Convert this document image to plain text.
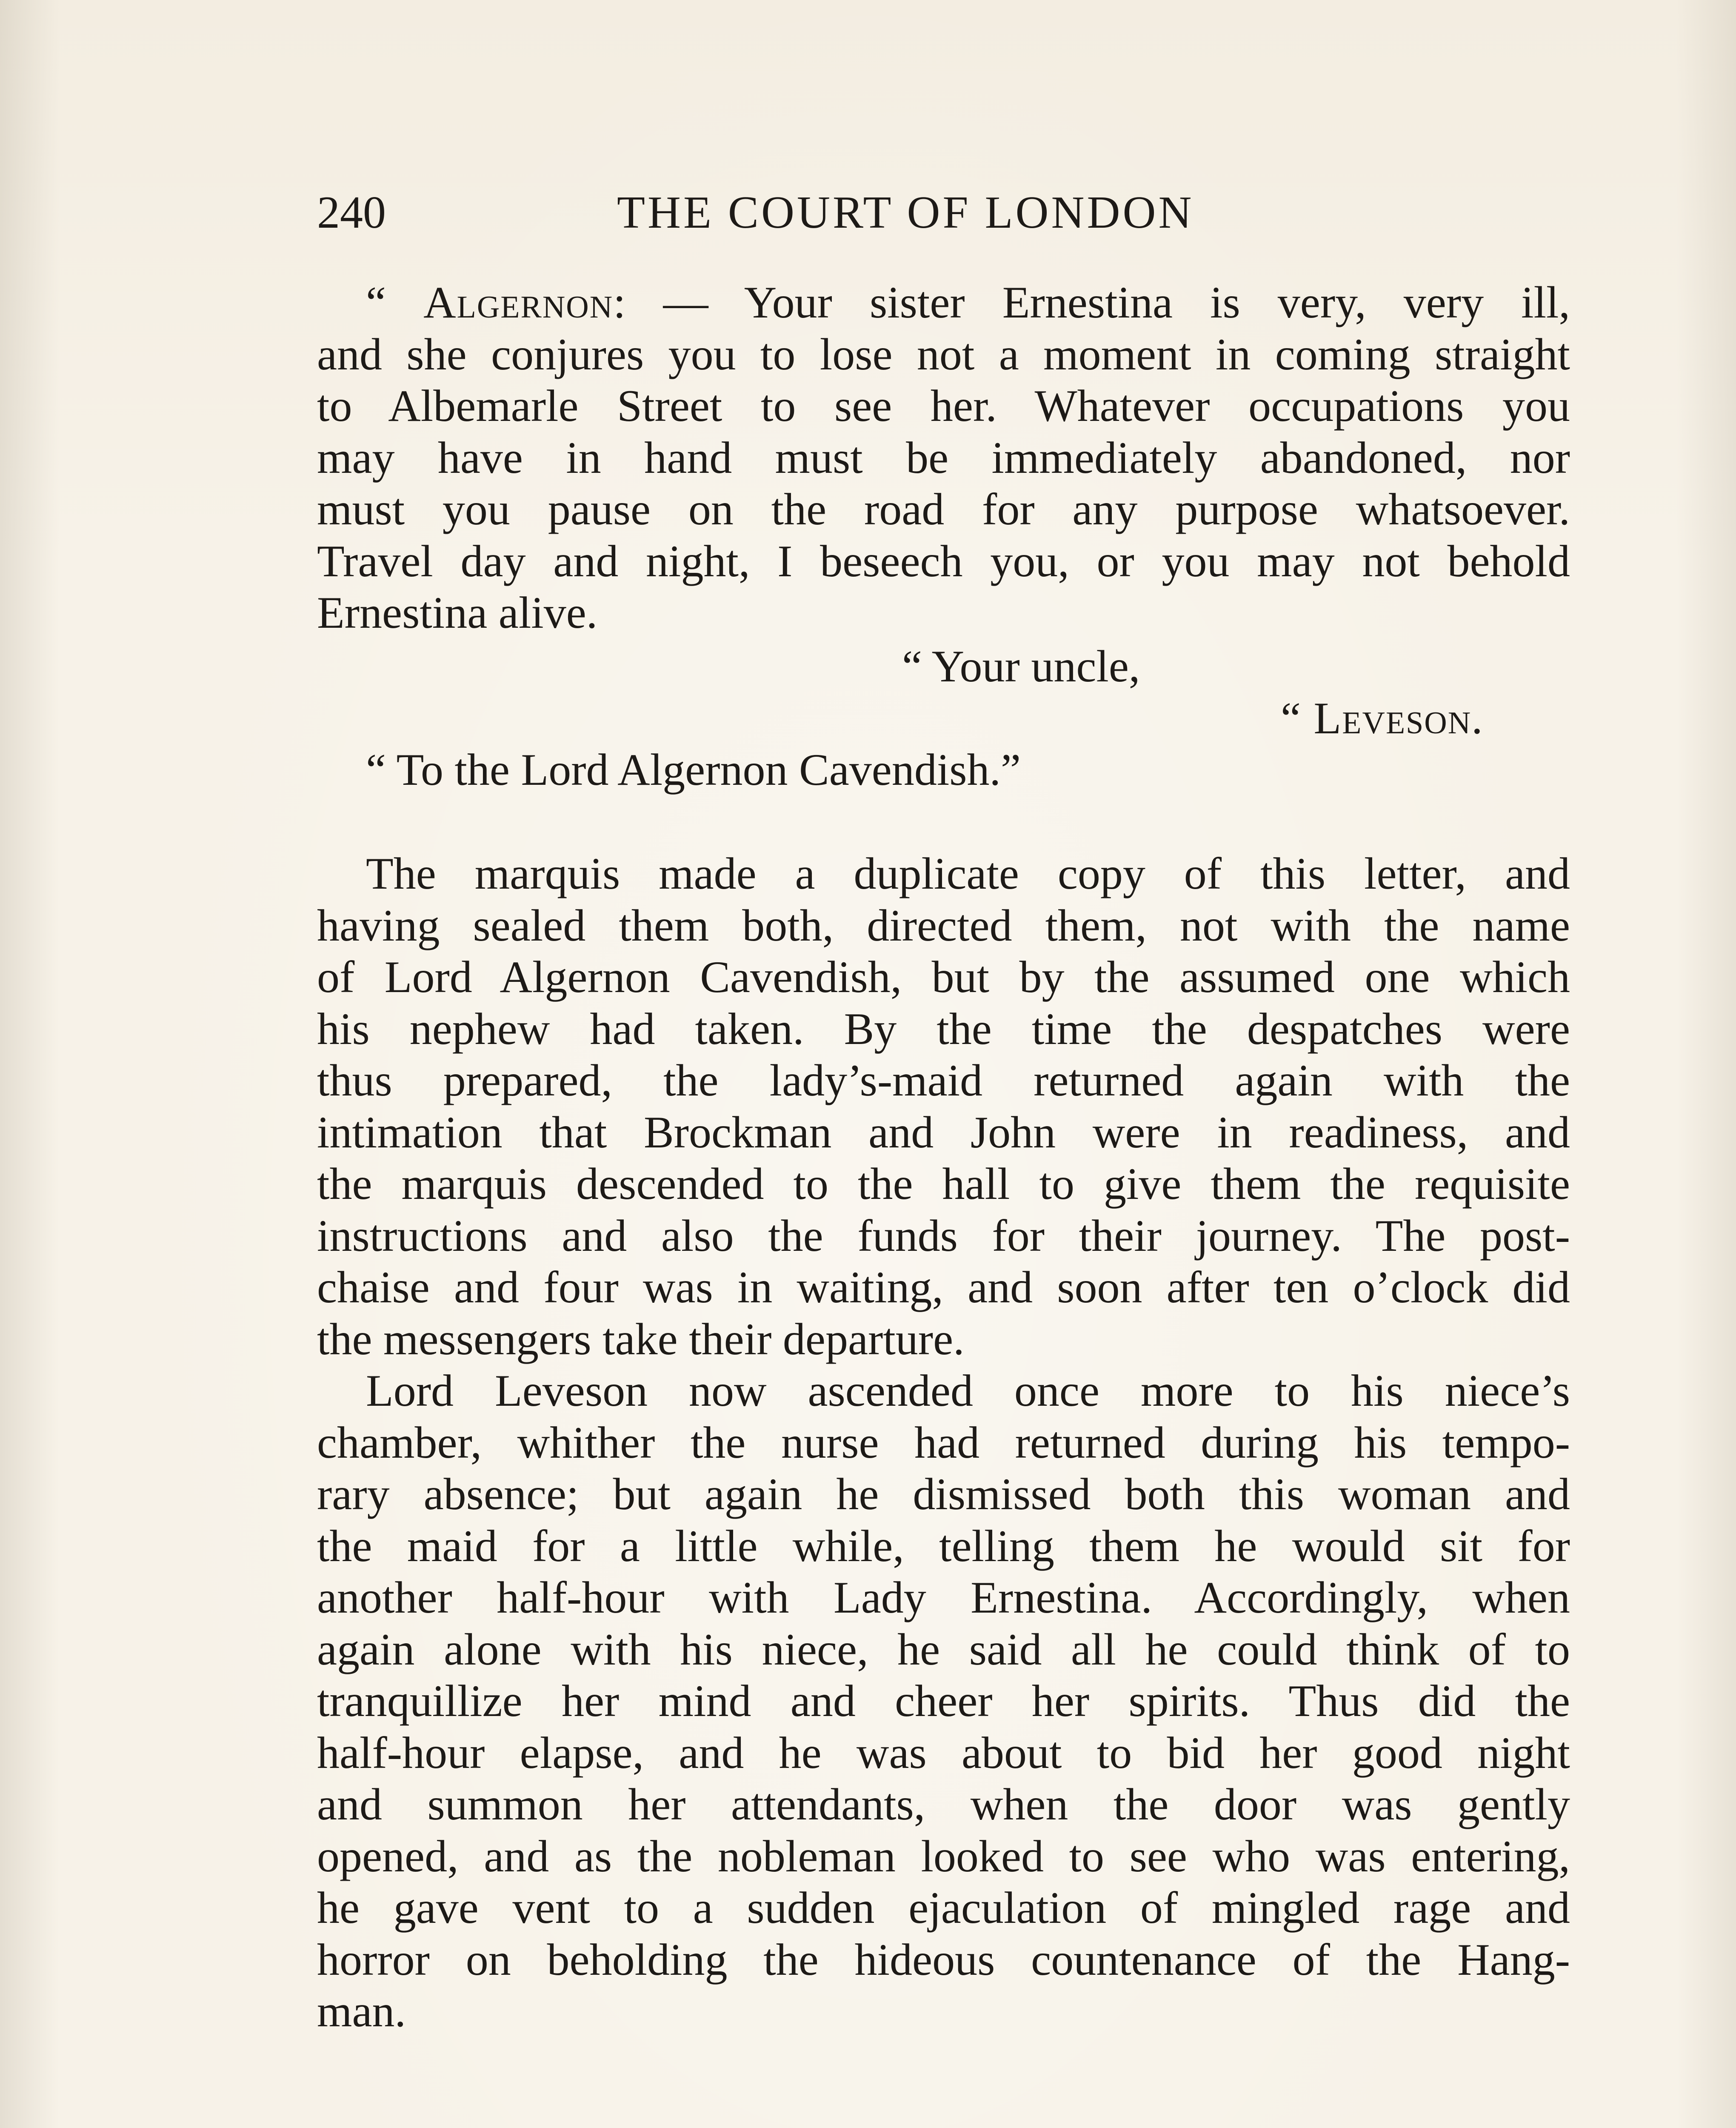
240	THE COURT OF LONDON
“ Algernon: — Your sister Ernestina is very, very ill,
and she conjures you to lose not a moment in coming straight
to Albemarle Street to see her. Whatever occupations you
may have in hand must be immediately abandoned, nor
must you pause on the road for any purpose whatsoever.
Travel day and night, I beseech you, or you may not behold
Ernestina alive.
“ Your uncle,
“ Leveson.
“ To the Lord Algernon Cavendish.”
The marquis made a duplicate copy of this letter, and
having sealed them both, directed them, not with the name
of Lord Algernon Cavendish, but by the assumed one which
his nephew had taken. By the time the despatches were
thus prepared, the lady’s-maid returned again with the
intimation that Brockman and John were in readiness, and
the marquis descended to the hall to give them the requisite
instructions and also the funds for their journey. The post-
chaise and four was in waiting, and soon after ten o’clock did
the messengers take their departure.
Lord Leveson now ascended once more to his niece’s
chamber, whither the nurse had returned during his tempo-
rary absence; but again he dismissed both this woman and
the maid for a little while, telling them he would sit for
another half-hour with Lady Ernestina. Accordingly, when
again alone with his niece, he said all he could think of to
tranquillize her mind and cheer her spirits. Thus did the
half-hour elapse, and he was about to bid her good night
and summon her attendants, when the door was gently
opened, and as the nobleman looked to see who was entering,
he gave vent to a sudden ejaculation of mingled rage and
horror on beholding the hideous countenance of the Hang-
man.
